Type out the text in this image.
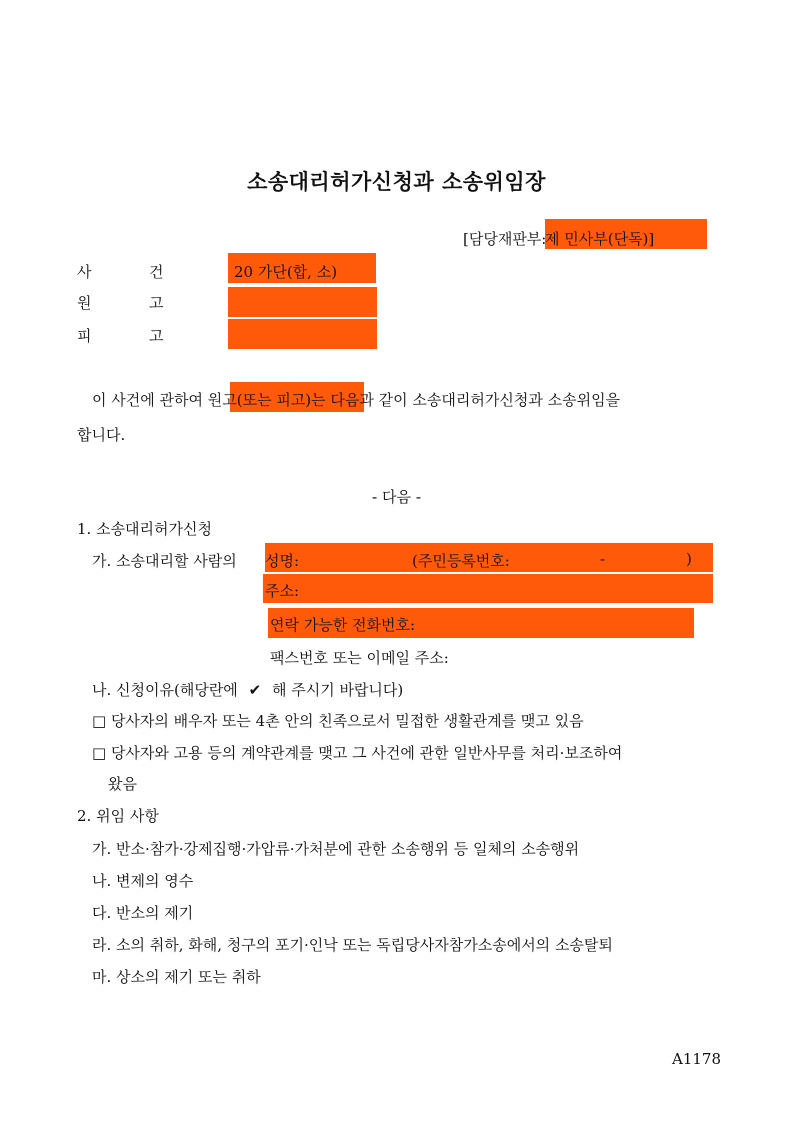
소송대리허가신청과 소송위임장
[담당재판부:
제 민사부(단독)]
사	건	20 가단(합, 소)
원	고
피	고
이 사건에 관하여 원고(또는 피고)는 다음과 같이 소송대리허가신청과 소송위임을
합니다.
- 다음 -
1. 소송대리허가신청
가. 소송대리할 사람의 성명:	(주민등록번호:	-	)
주소:
연락 가능한 전화번호:
팩스번호 또는 이메일 주소:
나. 신청이유(해당란에 ✔ 해 주시기 바랍니다)
□ 당사자의 배우자 또는 4촌 안의 친족으로서 밀접한 생활관계를 맺고 있음
□ 당사자와 고용 등의 계약관계를 맺고 그 사건에 관한 일반사무를 처리·보조하여
왔음
2. 위임 사항
가. 반소·참가·강제집행·가압류·가처분에 관한 소송행위 등 일체의 소송행위
나. 변제의 영수
다. 반소의 제기
라. 소의 취하, 화해, 청구의 포기·인낙 또는 독립당사자참가소송에서의 소송탈퇴
마. 상소의 제기 또는 취하
A1178
